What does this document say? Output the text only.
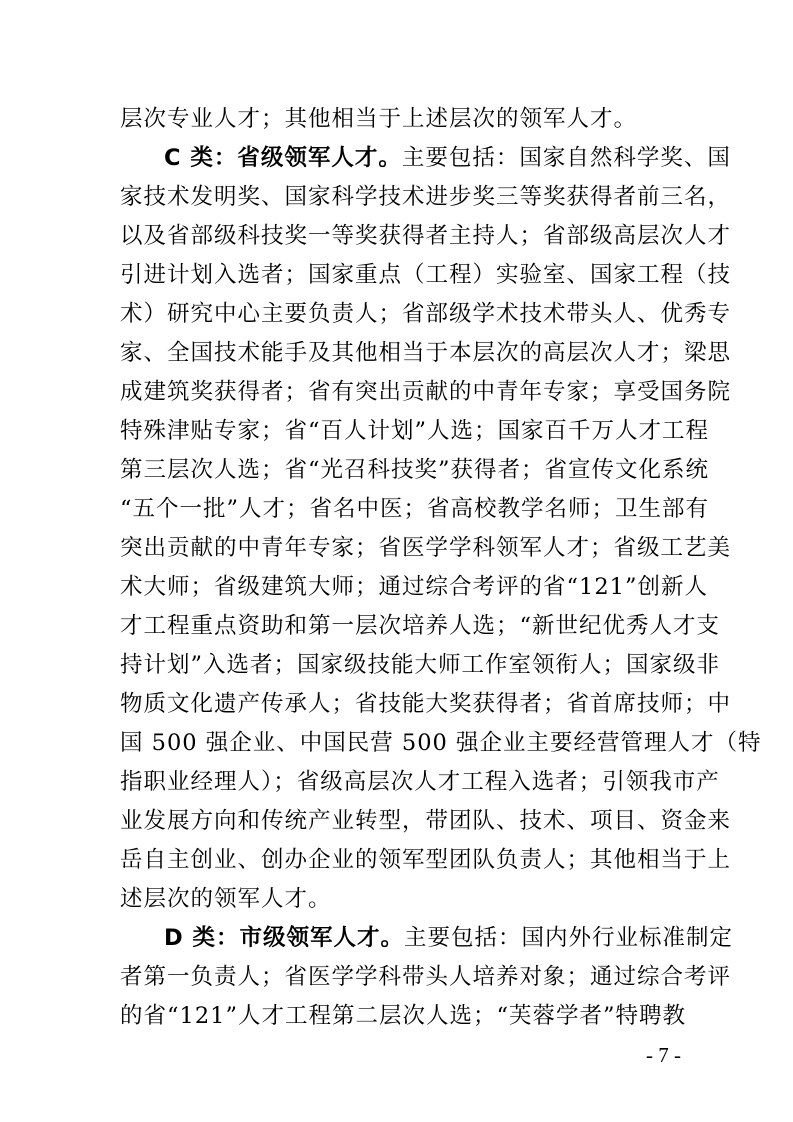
层次专业人才；其他相当于上述层次的领军人才。
C 类：省级领军人才。主要包括：国家自然科学奖、国
家技术发明奖、国家科学技术进步奖三等奖获得者前三名，
以及省部级科技奖一等奖获得者主持人；省部级高层次人才
引进计划入选者；国家重点（工程）实验室、国家工程（技
术）研究中心主要负责人；省部级学术技术带头人、优秀专
家、全国技术能手及其他相当于本层次的高层次人才；梁思
成建筑奖获得者；省有突出贡献的中青年专家；享受国务院
特殊津贴专家；省“百人计划”人选；国家百千万人才工程
第三层次人选；省“光召科技奖”获得者；省宣传文化系统
“五个一批”人才；省名中医；省高校教学名师；卫生部有
突出贡献的中青年专家；省医学学科领军人才；省级工艺美
术大师；省级建筑大师；通过综合考评的省“121”创新人
才工程重点资助和第一层次培养人选；“新世纪优秀人才支
持计划”入选者；国家级技能大师工作室领衔人；国家级非
物质文化遗产传承人；省技能大奖获得者；省首席技师；中
国 500 强企业、中国民营 500 强企业主要经营管理人才（特
指职业经理人）；省级高层次人才工程入选者；引领我市产
业发展方向和传统产业转型，带团队、技术、项目、资金来
岳自主创业、创办企业的领军型团队负责人；其他相当于上
述层次的领军人才。
D 类：市级领军人才。主要包括：国内外行业标准制定
者第一负责人；省医学学科带头人培养对象；通过综合考评
的省“121”人才工程第二层次人选；“芙蓉学者”特聘教
- 7 -
